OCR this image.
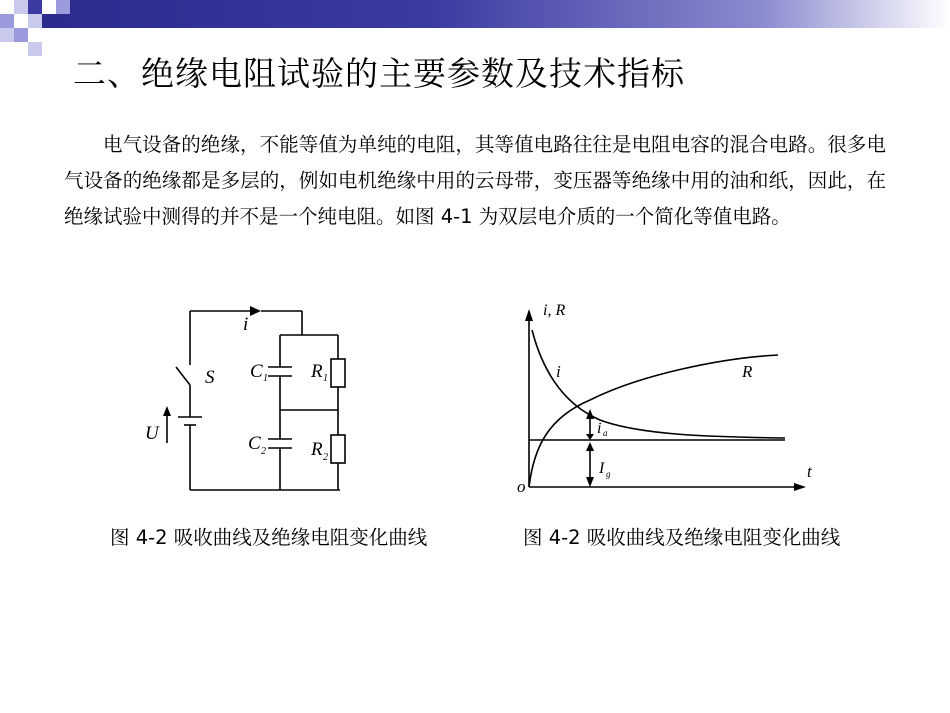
二、绝缘电阻试验的主要参数及技术指标
电气设备的绝缘，不能等值为单纯的电阻，其等值电路往往是电阻电容的混合电路。很多电气设备的绝缘都是多层的，例如电机绝缘中用的云母带，变压器等绝缘中用的油和纸，因此，在绝缘试验中测得的并不是一个纯电阻。如图 4-1 为双层电介质的一个简化等值电路。
i
S
U
C 1 R 1
C 2 R 2
i, R
t
o
i	R
i a
I g
图 4-2 吸收曲线及绝缘电阻变化曲线	图 4-2 吸收曲线及绝缘电阻变化曲线
